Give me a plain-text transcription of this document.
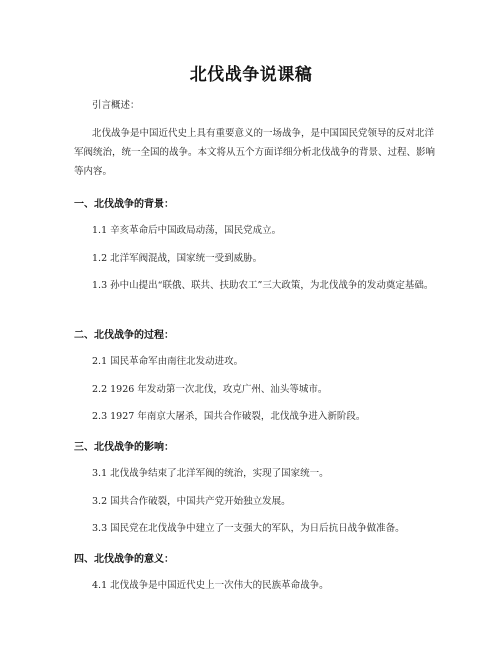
北伐战争说课稿
引言概述：
北伐战争是中国近代史上具有重要意义的一场战争，是中国国民党领导的反对北洋军阀统治，统一全国的战争。本文将从五个方面详细分析北伐战争的背景、过程、影响等内容。
一、北伐战争的背景：
1.1 辛亥革命后中国政局动荡，国民党成立。
1.2 北洋军阀混战，国家统一受到威胁。
1.3 孙中山提出“联俄、联共、扶助农工”三大政策，为北伐战争的发动奠定基础。
二、北伐战争的过程：
2.1 国民革命军由南往北发动进攻。
2.2 1926 年发动第一次北伐，攻克广州、汕头等城市。
2.3 1927 年南京大屠杀，国共合作破裂，北伐战争进入新阶段。
三、北伐战争的影响：
3.1 北伐战争结束了北洋军阀的统治，实现了国家统一。
3.2 国共合作破裂，中国共产党开始独立发展。
3.3 国民党在北伐战争中建立了一支强大的军队，为日后抗日战争做准备。
四、北伐战争的意义：
4.1 北伐战争是中国近代史上一次伟大的民族革命战争。
